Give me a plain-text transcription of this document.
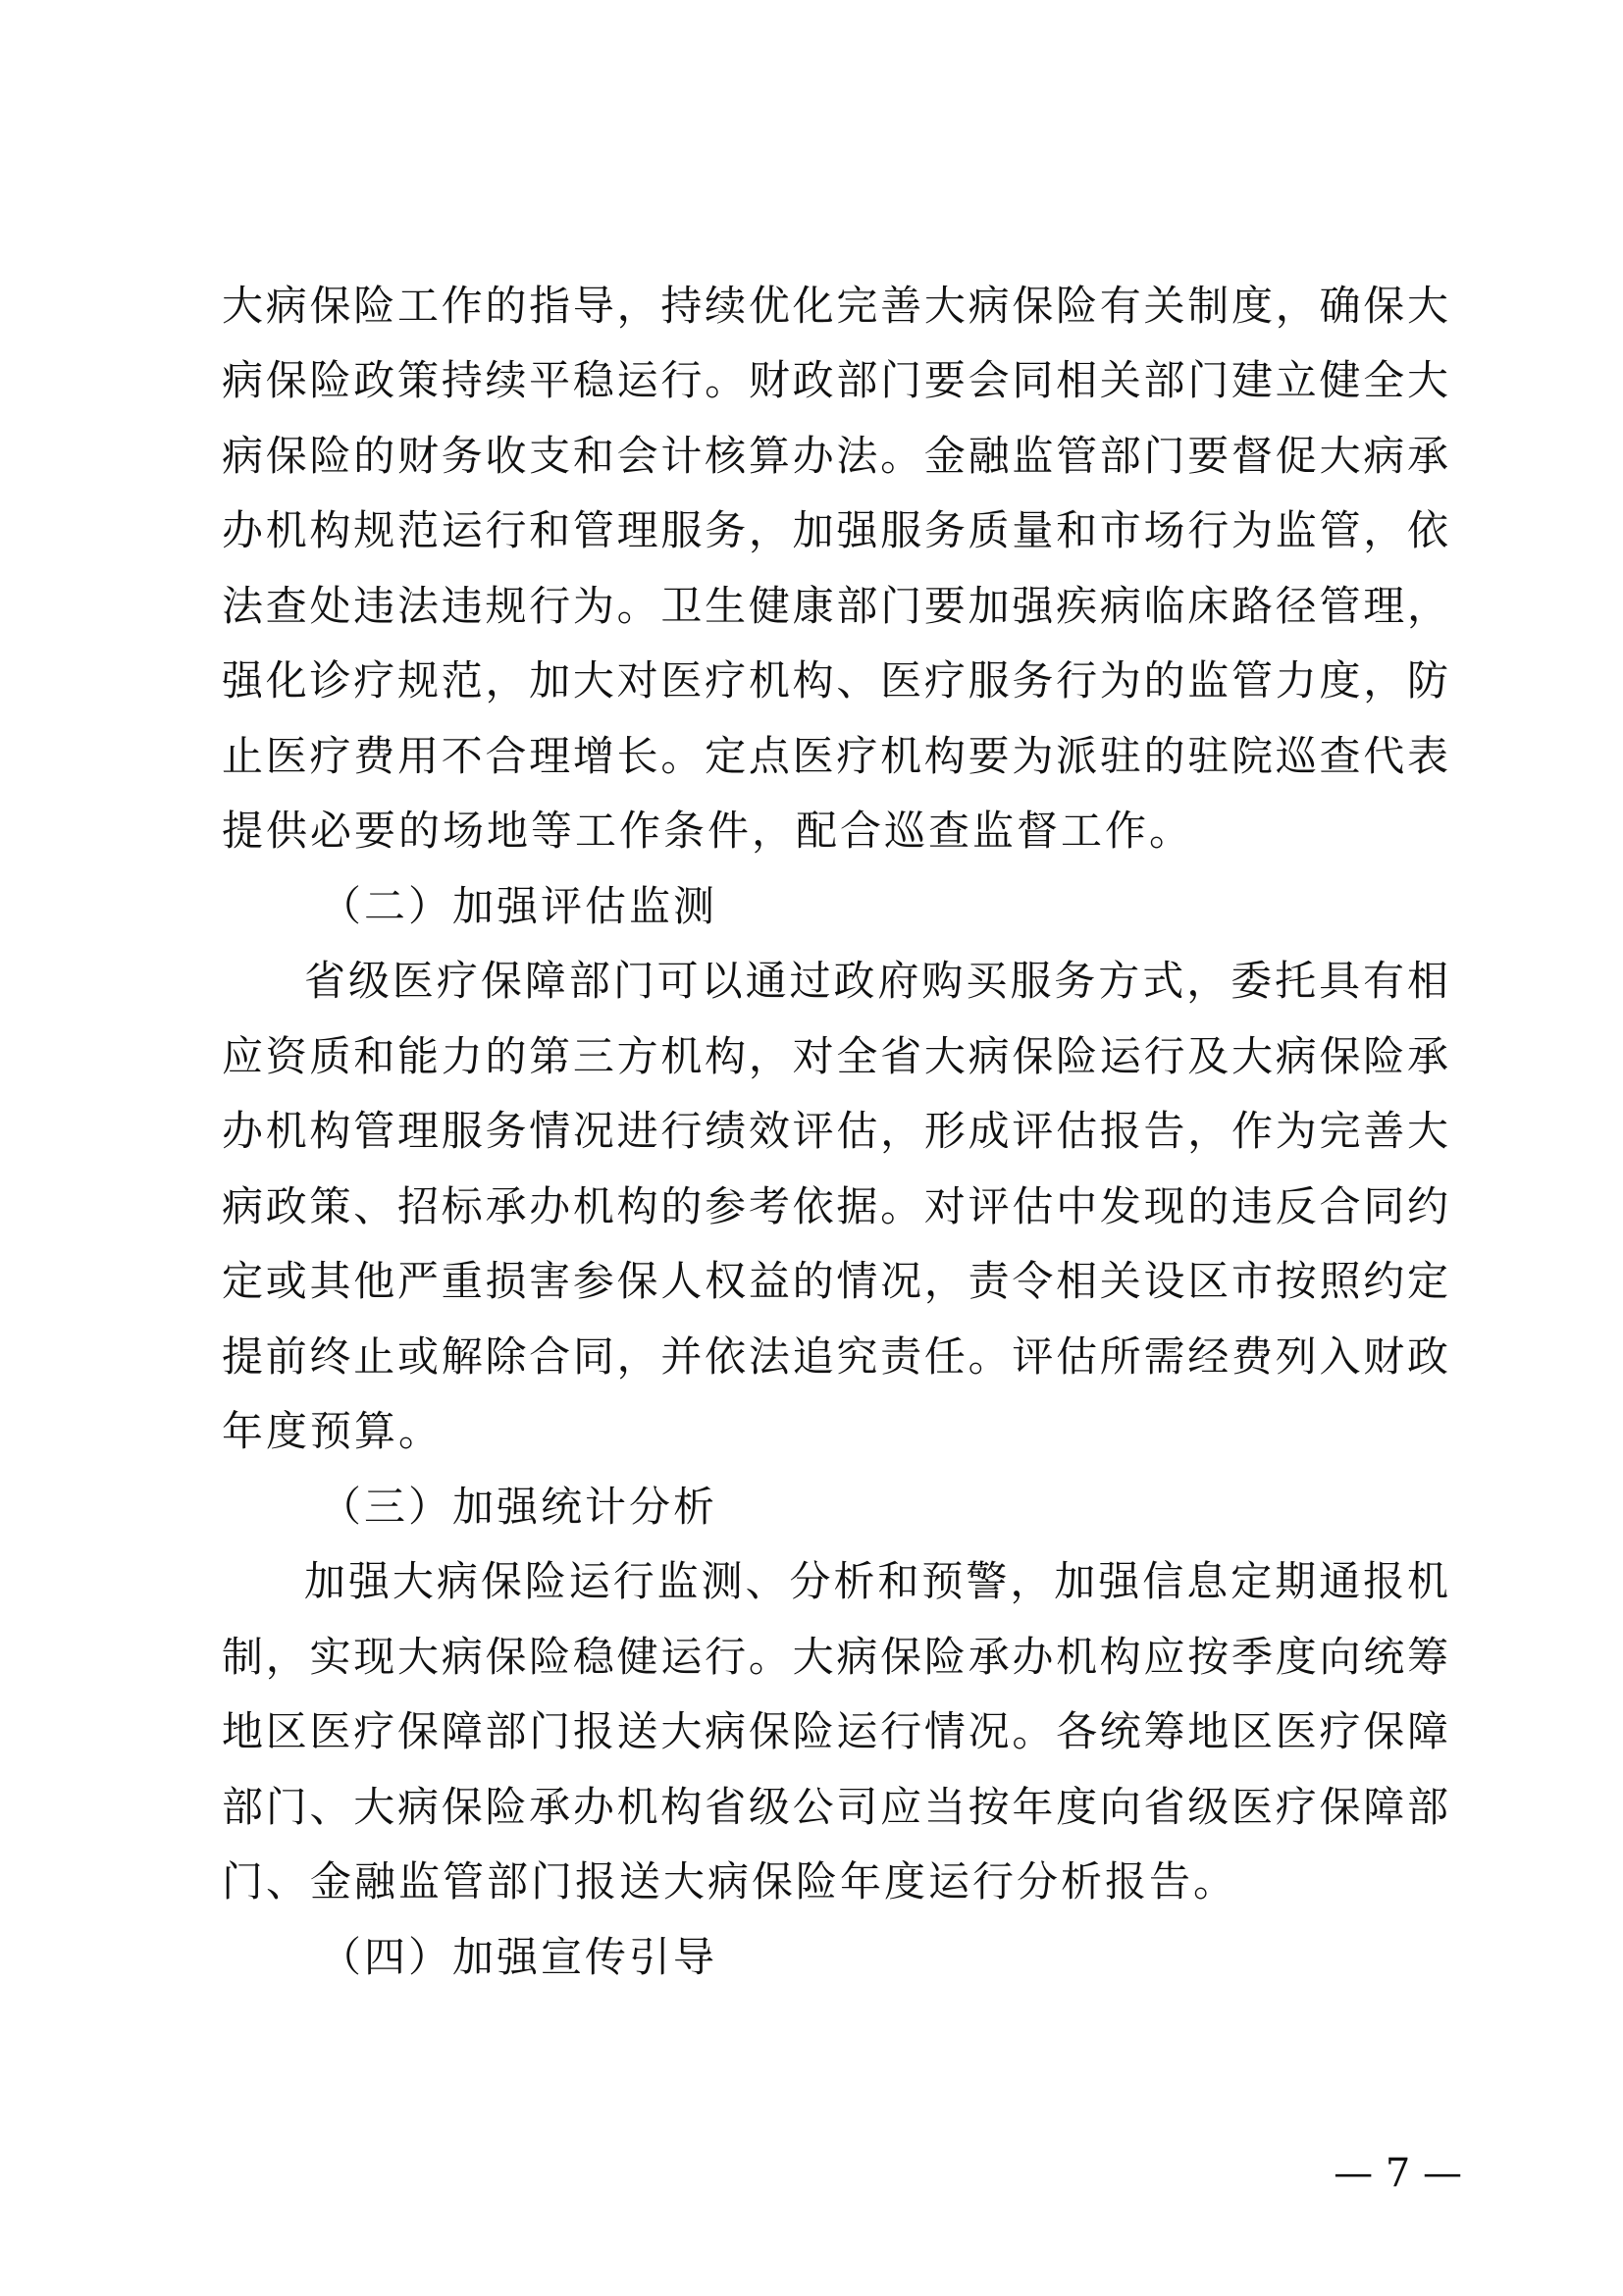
大病保险工作的指导，持续优化完善大病保险有关制度，确保大
病保险政策持续平稳运行。财政部门要会同相关部门建立健全大
病保险的财务收支和会计核算办法。金融监管部门要督促大病承
办机构规范运行和管理服务，加强服务质量和市场行为监管，依
法查处违法违规行为。卫生健康部门要加强疾病临床路径管理，
强化诊疗规范，加大对医疗机构、医疗服务行为的监管力度，防
止医疗费用不合理增长。定点医疗机构要为派驻的驻院巡查代表
提供必要的场地等工作条件，配合巡查监督工作。
（二）加强评估监测
省级医疗保障部门可以通过政府购买服务方式，委托具有相
应资质和能力的第三方机构，对全省大病保险运行及大病保险承
办机构管理服务情况进行绩效评估，形成评估报告，作为完善大
病政策、招标承办机构的参考依据。对评估中发现的违反合同约
定或其他严重损害参保人权益的情况，责令相关设区市按照约定
提前终止或解除合同，并依法追究责任。评估所需经费列入财政
年度预算。
（三）加强统计分析
加强大病保险运行监测、分析和预警，加强信息定期通报机
制，实现大病保险稳健运行。大病保险承办机构应按季度向统筹
地区医疗保障部门报送大病保险运行情况。各统筹地区医疗保障
部门、大病保险承办机构省级公司应当按年度向省级医疗保障部
门、金融监管部门报送大病保险年度运行分析报告。
（四）加强宣传引导
— 7 —
